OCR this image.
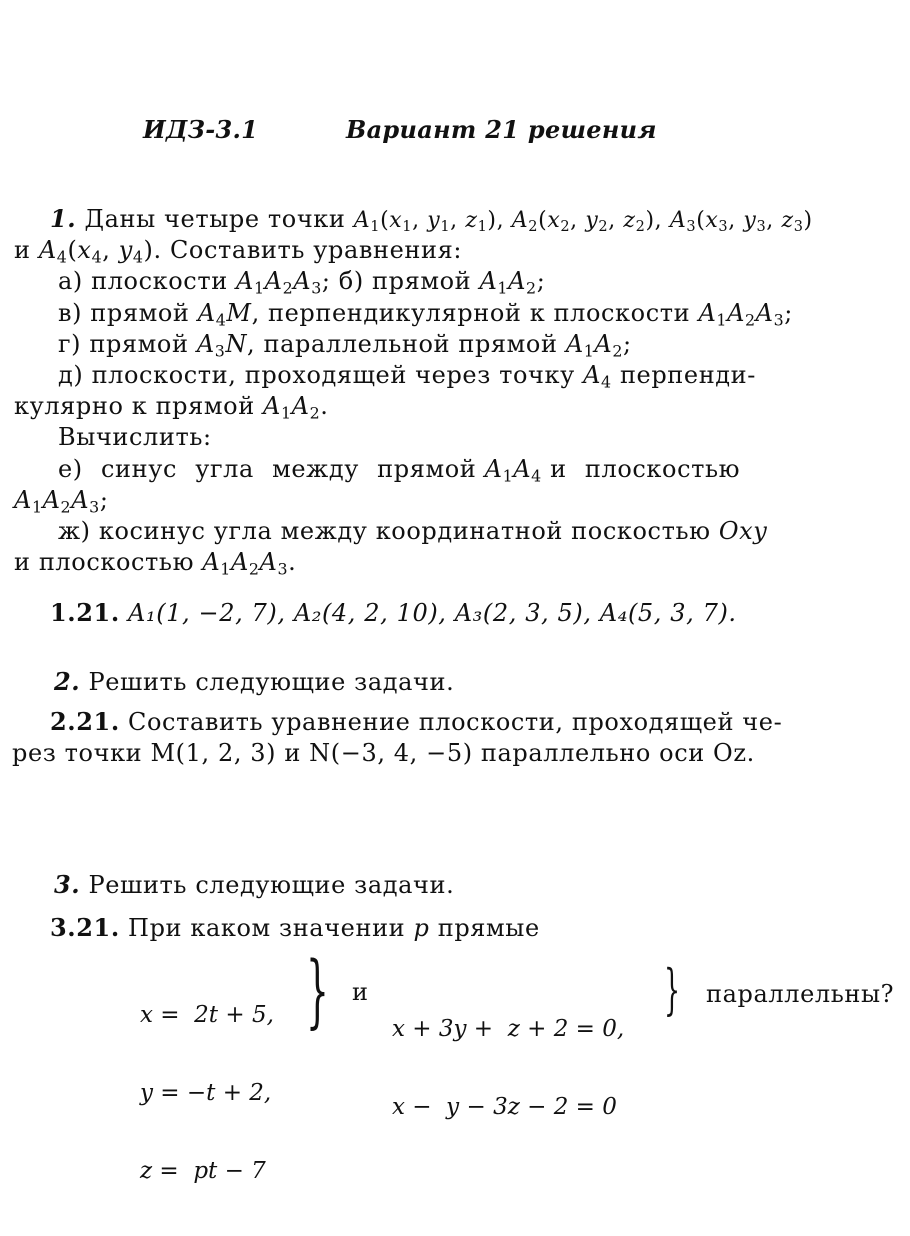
ИДЗ-3.1	Вариант 21 решения
1. Даны четыре точки $A_1(x_1$, $y_1$, $z_1$), $A_2(x_2$, $y_2$, $z_2$), $A_3(x_3$, $y_3$, $z_3$)
и $A_4(x_4$, $y_4$). Составить уравнения:
а) плоскости $A_1A_2A_3$; б) прямой $A_1A_2$;
в) прямой $A_4M$, перпендикулярной к плоскости $A_1A_2A_3$;
г) прямой $A_3N$, параллельной прямой $A_1A_2$;
д) плоскости, проходящей через точку $A_4$ перпенди-
кулярно к прямой $A_1A_2$.
Вычислить:
е) синус угла между прямой $A_1A_4$ и плоскостью
$A_1A_2A_3$;
ж) косинус угла между координатной поскостью Oxy
и плоскостью $A_1A_2A_3$.
1.21. A₁(1, −2, 7), A₂(4, 2, 10), A₃(2, 3, 5), A₄(5, 3, 7).
2. Решить следующие задачи.
2.21. Составить уравнение плоскости, проходящей че-
рез точки M(1, 2, 3) и N(−3, 4, −5) параллельно оси Oz.
3. Решить следующие задачи.
3.21. При каком значении p прямые

x =  2t + 5,

y = −t + 2,

z =  pt − 7

} и

x + 3y +  z + 2 = 0,

x −  y − 3z − 2 = 0

} параллельны?
